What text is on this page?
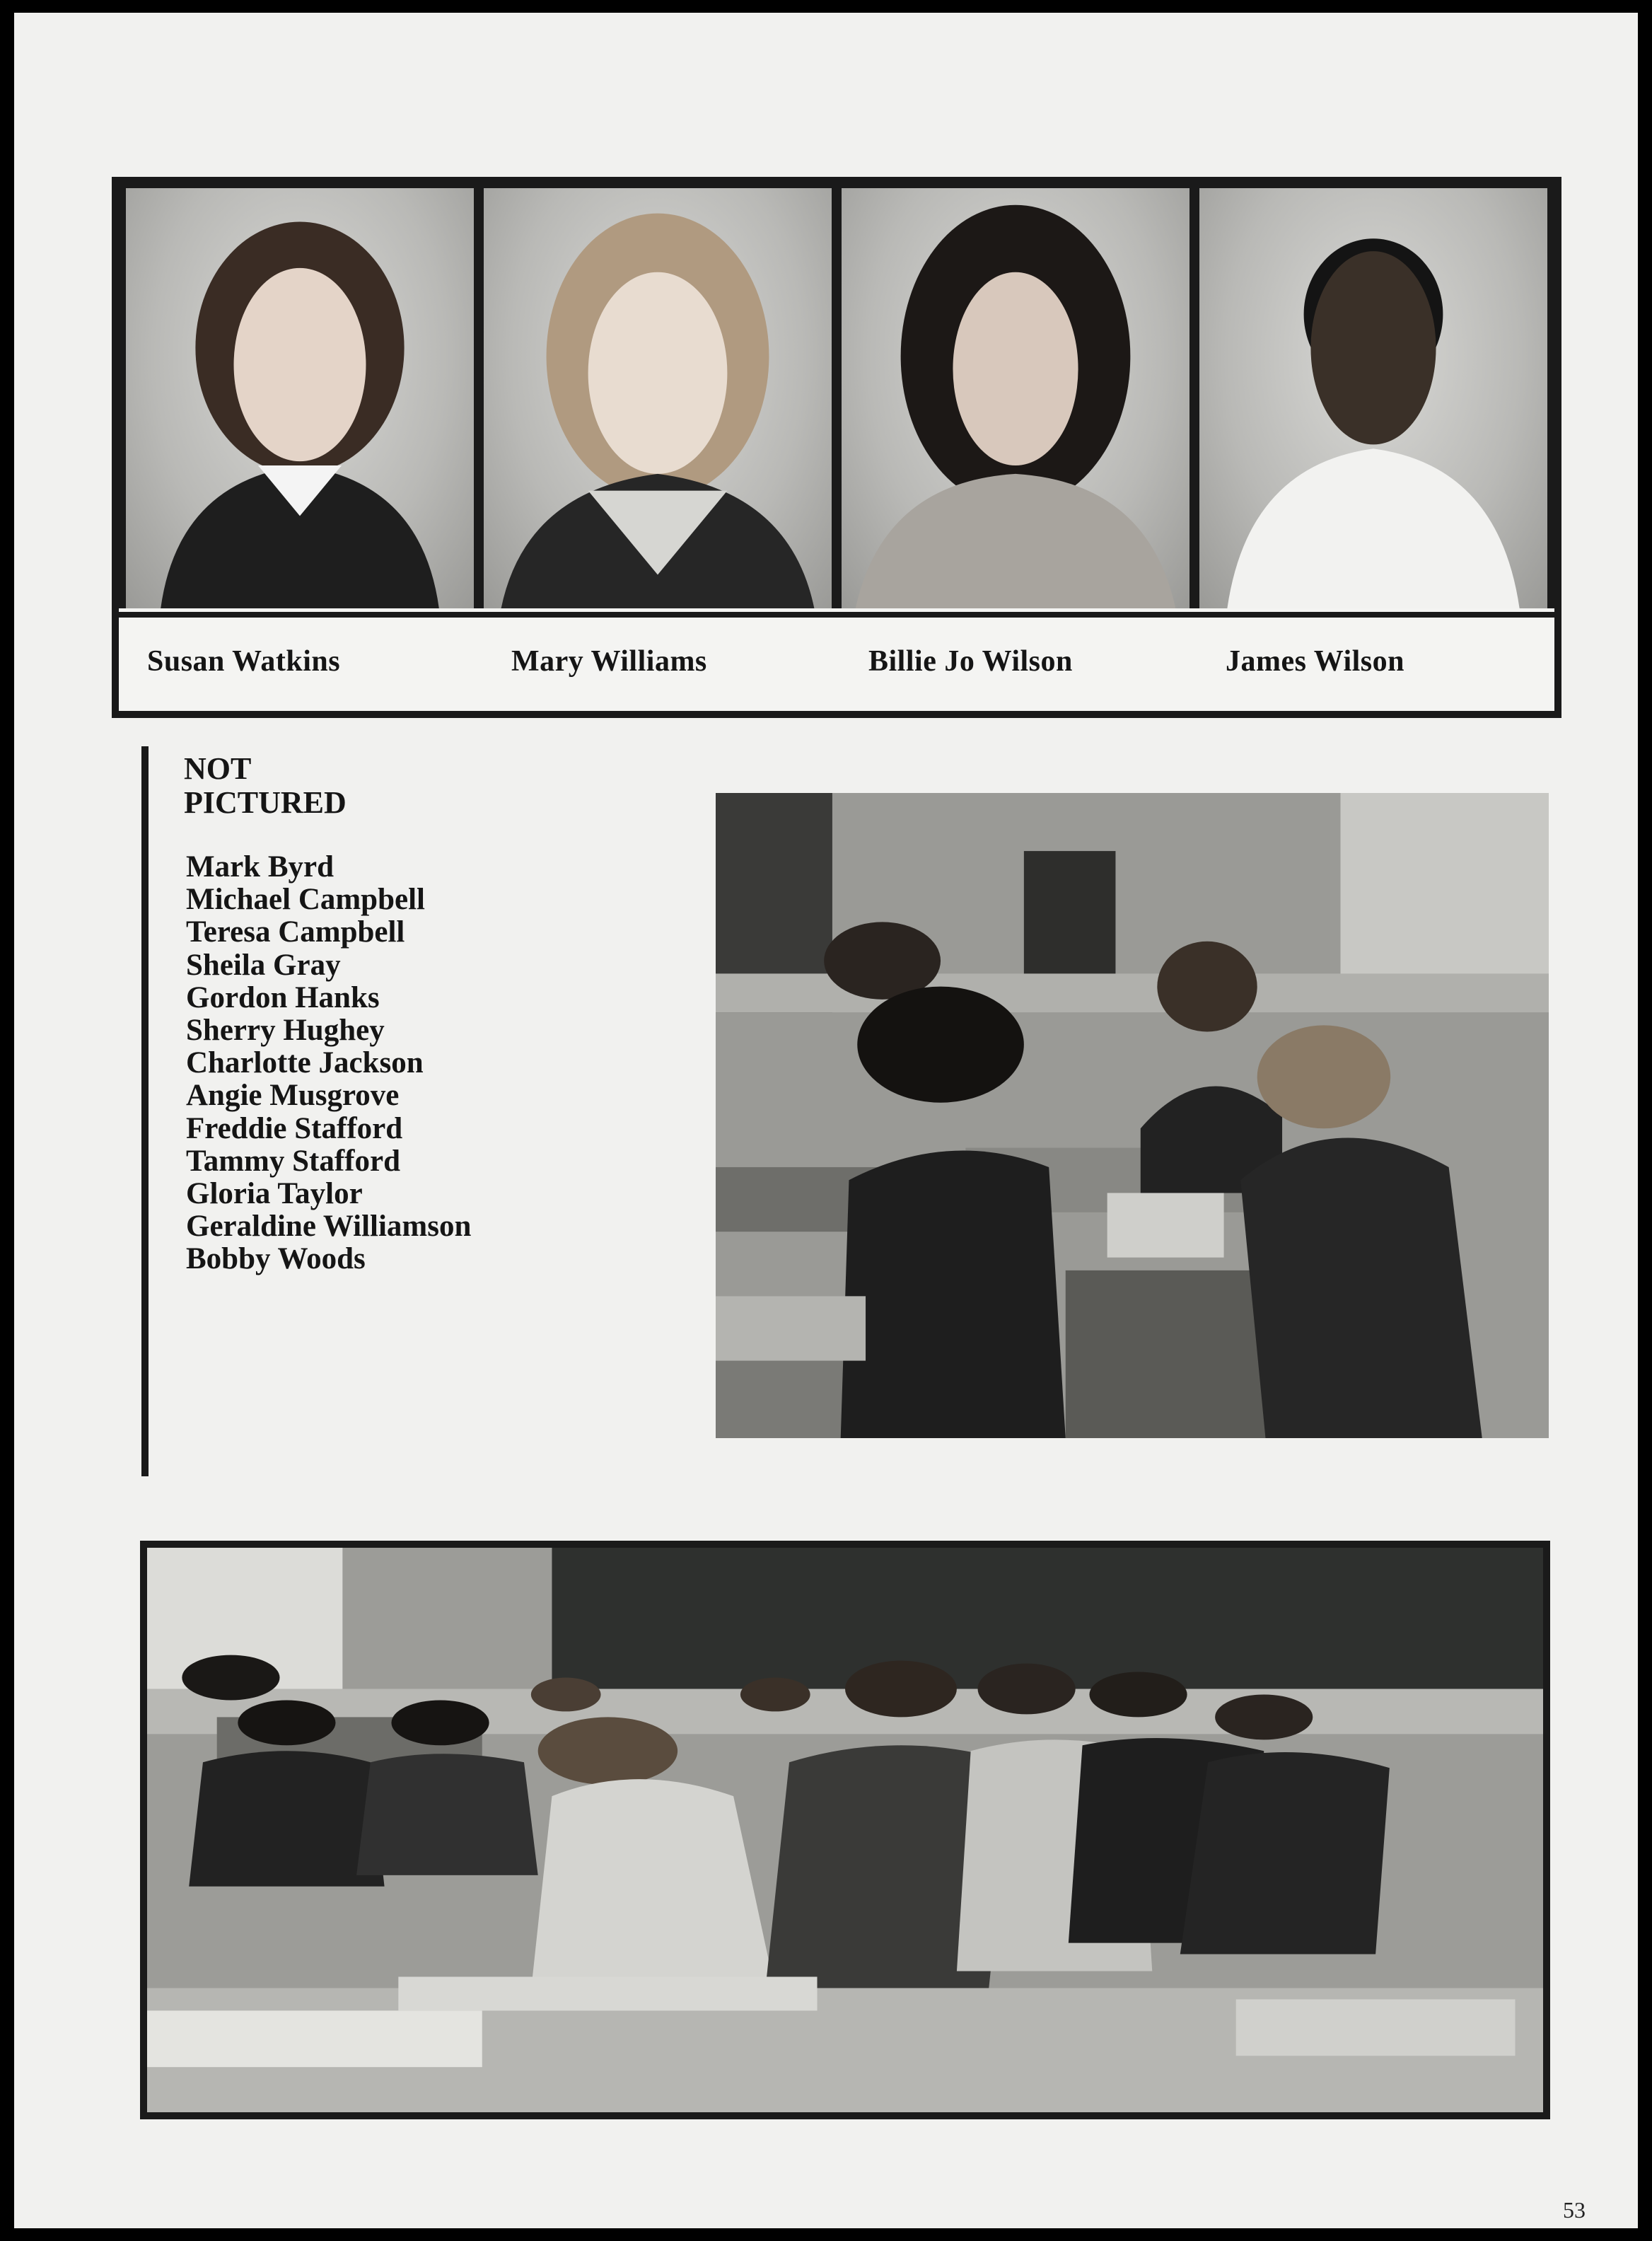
Susan Watkins	Mary Williams	Billie Jo Wilson	James Wilson
NOT
PICTURED
Mark Byrd
Michael Campbell
Teresa Campbell
Sheila Gray
Gordon Hanks
Sherry Hughey
Charlotte Jackson
Angie Musgrove
Freddie Stafford
Tammy Stafford
Gloria Taylor
Geraldine Williamson
Bobby Woods
53
